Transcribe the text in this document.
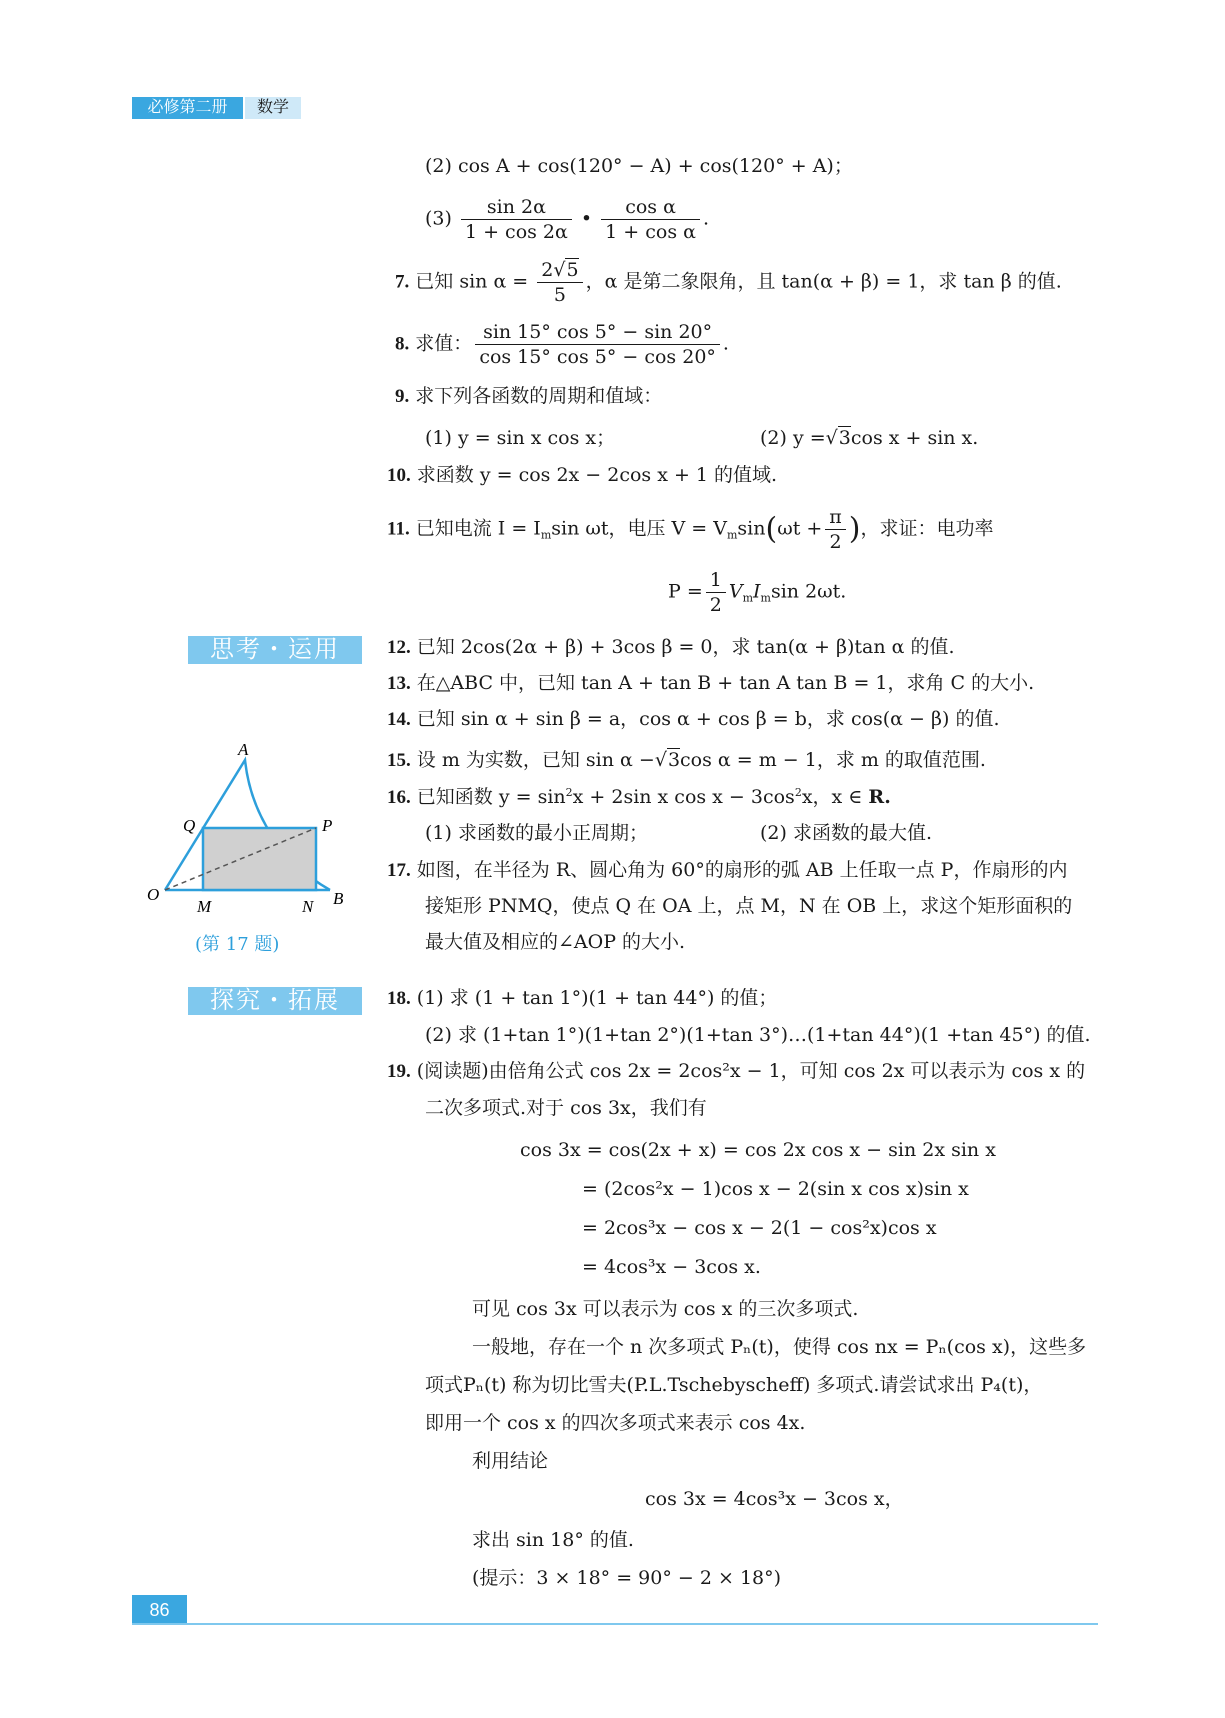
必修第二册	数学
(2) cos A + cos(120° − A) + cos(120° + A)；
$(3) \frac{\sin 2\alpha}{1 + \cos 2\alpha}$ • $\frac{\text{cos α}}{\text{1 + cos α}}$ .
7. 已知 $\sin \alpha = \frac{2√5}{5}$ ，α 是第二象限角，且 tan(α + β) = 1，求 tan β 的值.
8. 求值： $\frac{\sin 15^\circ \cos 5^\circ - \sin 20^\circ}{\cos 15^\circ \cos 5^\circ - \cos 20^\circ}$ .
9. 求下列各函数的周期和值域：
(1) y = sin x cos x；	(2) y =√3cos x + sin x.
10. 求函数 y = cos 2x − 2cos x + 1 的值域.
11. 已知电流 $I = I_m\sin$ ωt，电压 $V = V_m\sin(\omega t + \frac{\pi}{2}$ )，求证：电功率
$P = \frac{1}{2} V_mI_m\sin$ 2ωt.
思考・运用	12. 已知 2cos(2α + β) + 3cos β = 0，求 tan(α + β)tan α 的值.
13. 在△ABC 中，已知 tan A + tan B + tan A tan B = 1，求角 C 的大小.
14. 已知 sin α + sin β = a，cos α + cos β = b，求 cos(α − β) 的值.
15. 设 m 为实数，已知 sin α −√3cos α = m − 1，求 m 的取值范围.
16. 已知函数 $y = \sin^2x + 2\sin$ x $\cos x - 3\cos^2x$，x ∈ R.
(1) 求函数的最小正周期；	(2) 求函数的最大值.
17. 如图，在半径为 R、圆心角为 60°的扇形的弧 AB 上任取一点 P，作扇形的内
接矩形 PNMQ，使点 Q 在 OA 上，点 M，N 在 OB 上，求这个矩形面积的
最大值及相应的∠AOP 的大小.
A
P
Q
O
M	N B
(第 17 题)
探究・拓展	18. (1) 求 (1 + tan 1°)(1 + tan 44°) 的值；
(2) 求 (1+tan 1°)(1+tan 2°)(1+tan 3°)…(1+tan 44°)(1 +tan 45°) 的值.
19. (阅读题)由倍角公式 cos 2x = 2cos²x − 1，可知 cos 2x 可以表示为 cos x 的
二次多项式.对于 cos 3x，我们有
cos 3x = cos(2x + x) = cos 2x cos x − sin 2x sin x
= (2cos²x − 1)cos x − 2(sin x cos x)sin x
= 2cos³x − cos x − 2(1 − cos²x)cos x
= 4cos³x − 3cos x.
可见 cos 3x 可以表示为 cos x 的三次多项式.
一般地，存在一个 n 次多项式 Pₙ(t)，使得 cos nx = Pₙ(cos x)，这些多
项式Pₙ(t) 称为切比雪夫(P.L.Tschebyscheff) 多项式.请尝试求出 P₄(t)，
即用一个 cos x 的四次多项式来表示 cos 4x.
利用结论
cos 3x = 4cos³x − 3cos x，
求出 sin 18° 的值.
(提示：3 × 18° = 90° − 2 × 18°)
86
